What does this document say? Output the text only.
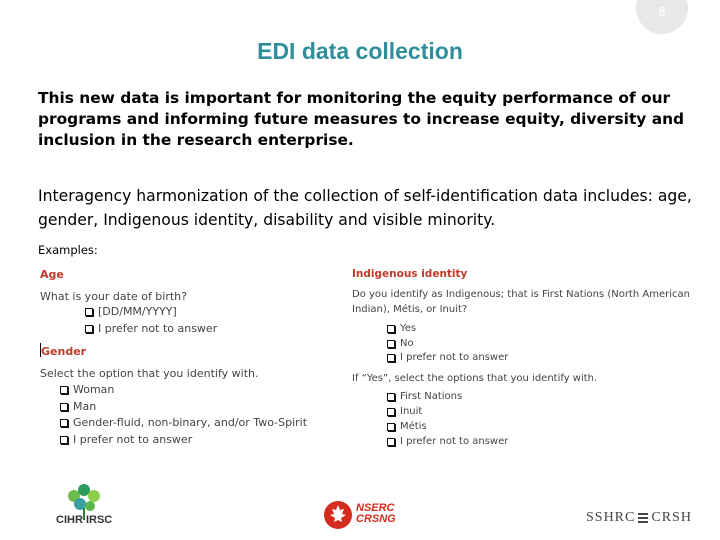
8
EDI data collection
This new data is important for monitoring the equity performance of our programs and informing future measures to increase equity, diversity and inclusion in the research enterprise.
Interagency harmonization of the collection of self-identification data includes: age, gender, Indigenous identity, disability and visible minority.
Examples:
Age
What is your date of birth?
[DD/MM/YYYY]
I prefer not to answer
Gender
Select the option that you identify with.
Woman
Man
Gender-fluid, non-binary, and/or Two-Spirit
I prefer not to answer
Indigenous identity
Do you identify as Indigenous; that is First Nations (North American Indian), Métis, or Inuit?
Yes
No
I prefer not to answer
If “Yes”, select the options that you identify with.
First Nations
Inuit
Métis
I prefer not to answer
CIHR IRSC
NSERC
CRSNG	SSHRC CRSH
